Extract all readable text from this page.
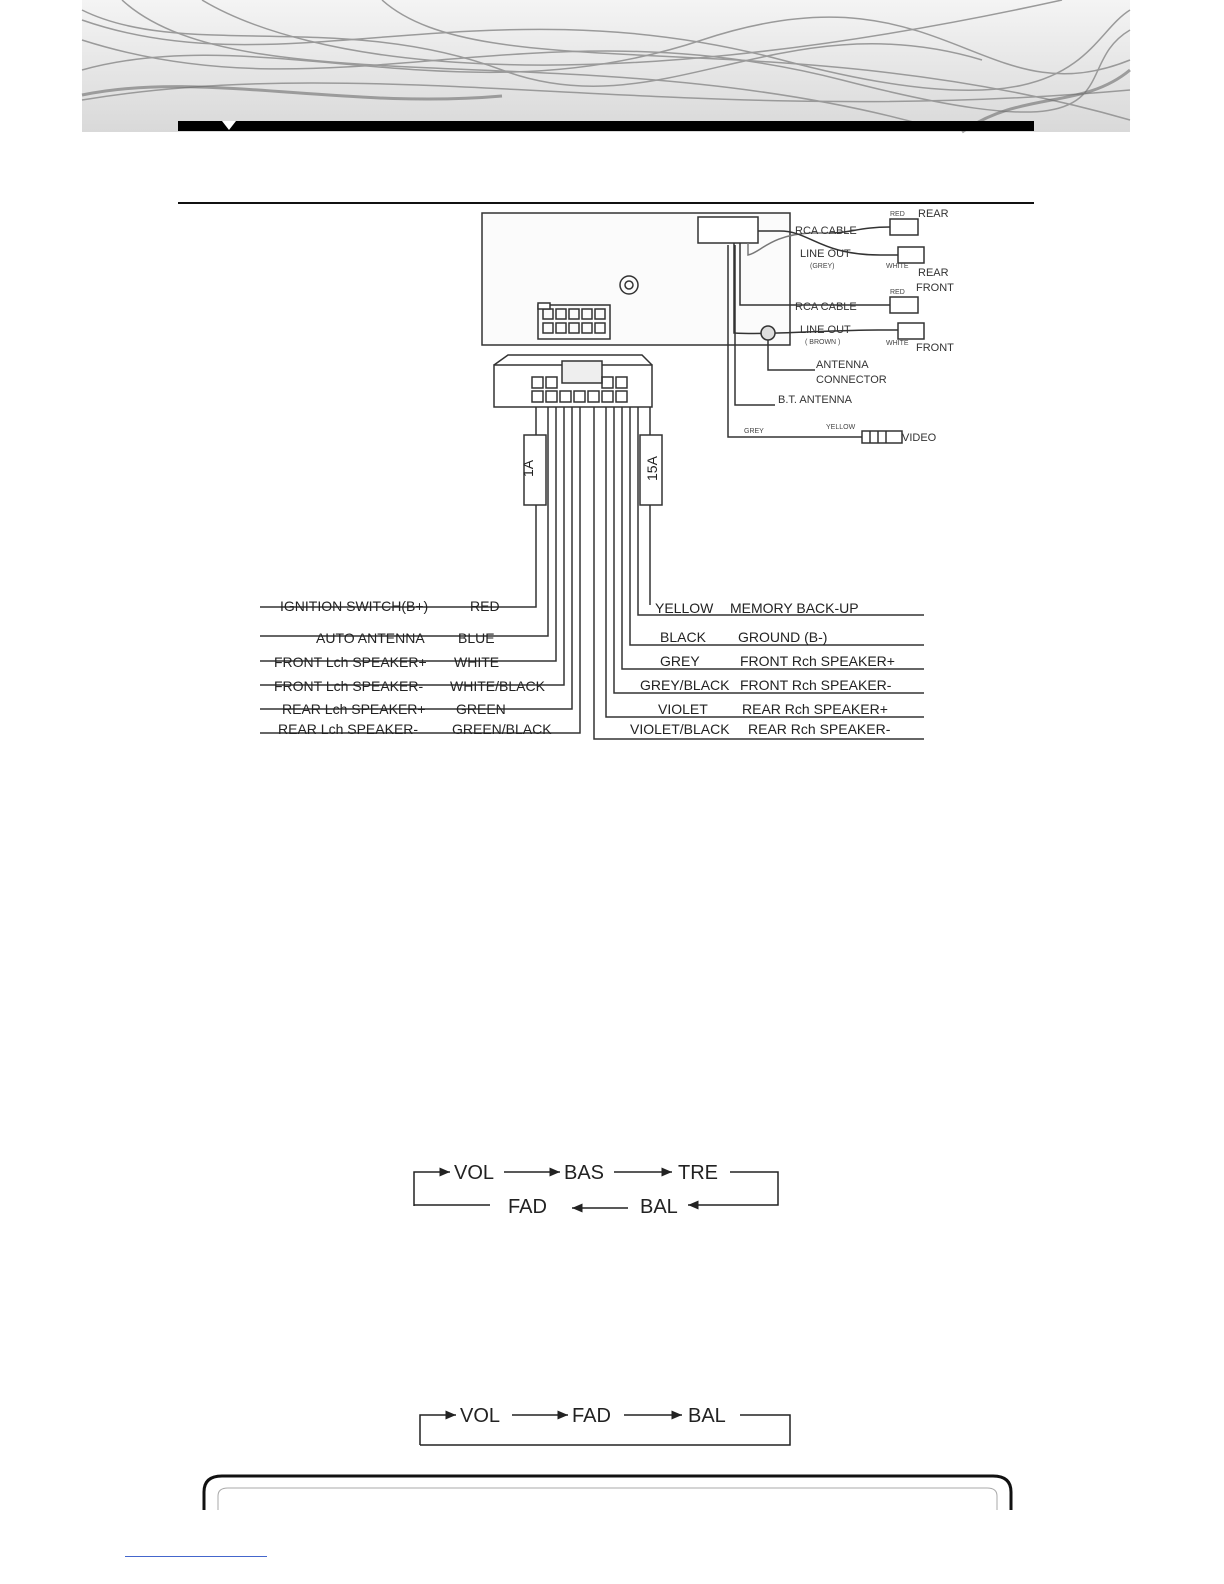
1A	15A
RCA CABLE
LINE OUT
(GREY)
RCA CABLE
LINE OUT
( BROWN )
RED
WHITE
RED
WHITE
REAR
REAR
FRONT
FRONT
ANTENNA
CONNECTOR
B.T. ANTENNA
GREY
YELLOW
VIDEO
IGNITION SWITCH(B+)	RED
AUTO ANTENNA BLUE
FRONT Lch SPEAKER+ WHITE
FRONT Lch SPEAKER- WHITE/BLACK
REAR Lch SPEAKER+ GREEN
REAR Lch SPEAKER- GREEN/BLACK
YELLOW MEMORY BACK-UP
BLACK GROUND (B-)
GREY	FRONT Rch SPEAKER+
GREY/BLACK FRONT Rch SPEAKER-
VIOLET REAR Rch SPEAKER+
VIOLET/BLACK REAR Rch SPEAKER-
VOL	BAS	TRE
FAD	BAL
VOL	FAD	BAL
